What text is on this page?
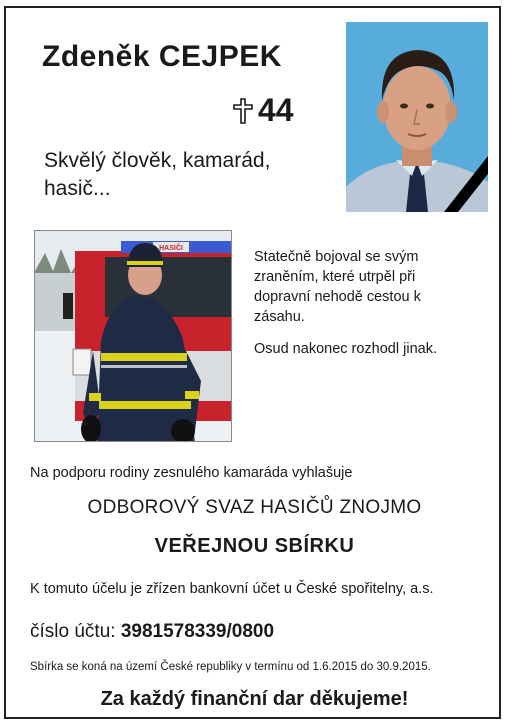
Zdeněk CEJPEK
44
Skvělý člověk, kamarád, hasič...
HASIČI

Statečně bojoval se svým zraněním, které utrpěl při dopravní nehodě cestou k zásahu.

Osud nakonec rozhodl jinak.

Na podporu rodiny zesnulého kamaráda vyhlašuje
ODBOROVÝ SVAZ HASIČŮ ZNOJMO
VEŘEJNOU SBÍRKU
K tomuto účelu je zřízen bankovní účet u České spořitelny, a.s.
číslo účtu: 3981578339/0800
Sbírka se koná na území České republiky v termínu od 1.6.2015 do 30.9.2015.
Za každý finanční dar děkujeme!
